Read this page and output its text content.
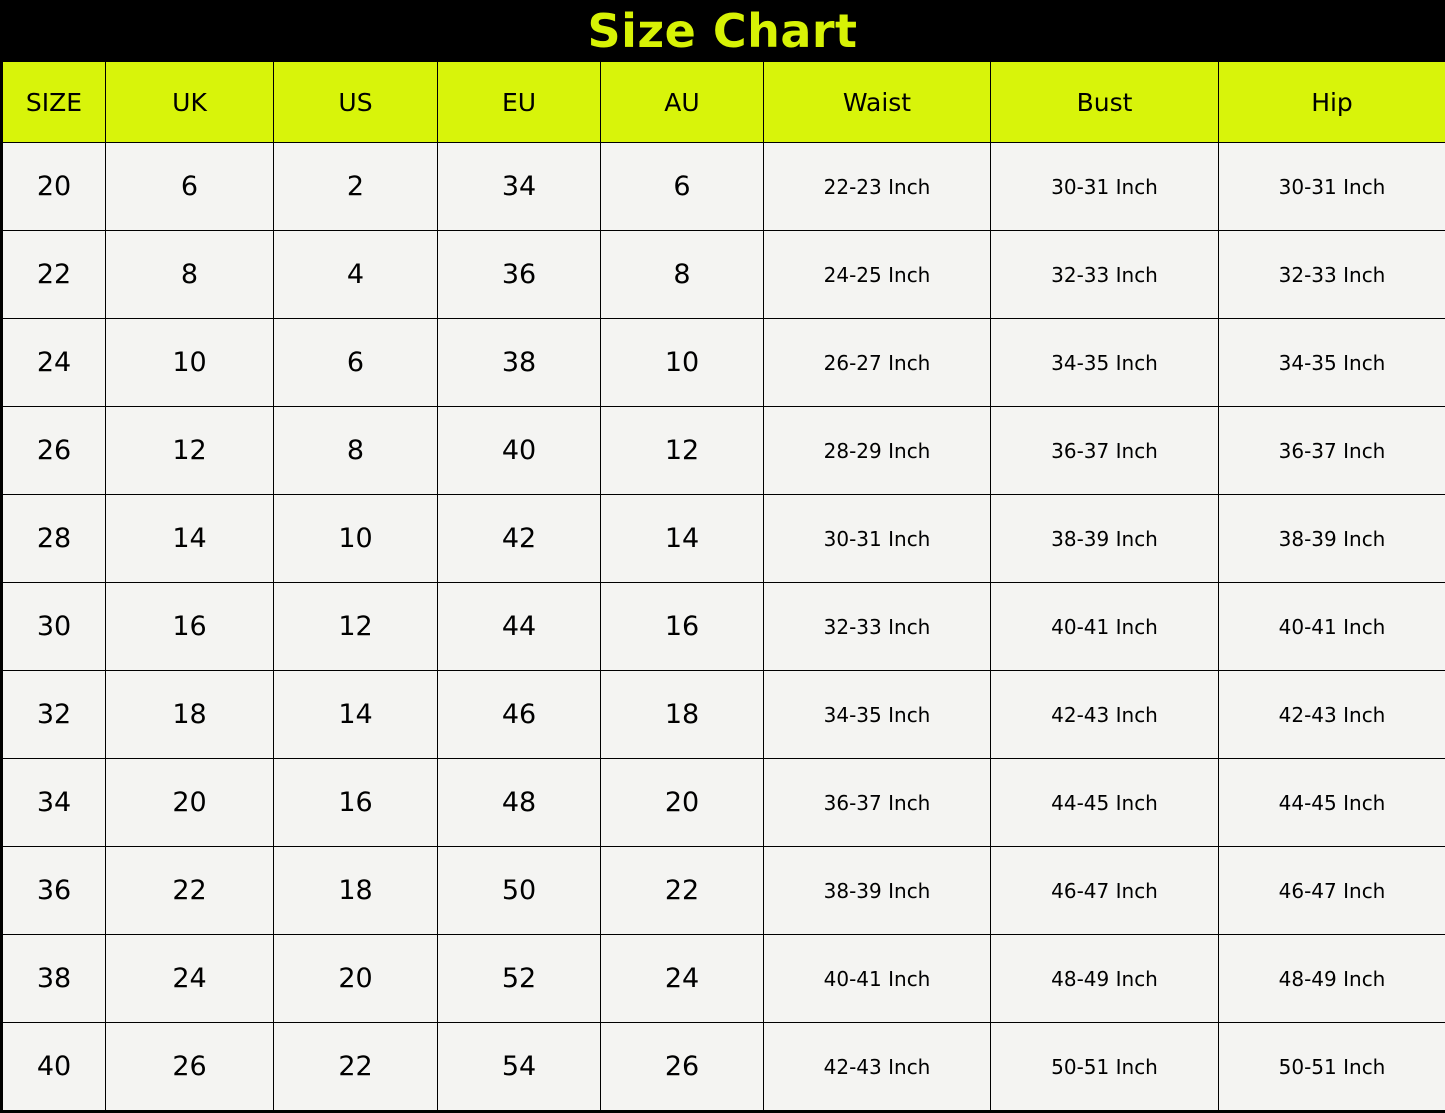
Size Chart
SIZE	UK	US	EU	AU	Waist	Bust	Hip
20	6	2	34	6	22-23 Inch	30-31 Inch	30-31 Inch
22	8	4	36	8	24-25 Inch	32-33 Inch	32-33 Inch
24	10	6	38	10	26-27 Inch	34-35 Inch	34-35 Inch
26	12	8	40	12	28-29 Inch	36-37 Inch	36-37 Inch
28	14	10	42	14	30-31 Inch	38-39 Inch	38-39 Inch
30	16	12	44	16	32-33 Inch	40-41 Inch	40-41 Inch
32	18	14	46	18	34-35 Inch	42-43 Inch	42-43 Inch
34	20	16	48	20	36-37 Inch	44-45 Inch	44-45 Inch
36	22	18	50	22	38-39 Inch	46-47 Inch	46-47 Inch
38	24	20	52	24	40-41 Inch	48-49 Inch	48-49 Inch
40	26	22	54	26	42-43 Inch	50-51 Inch	50-51 Inch
